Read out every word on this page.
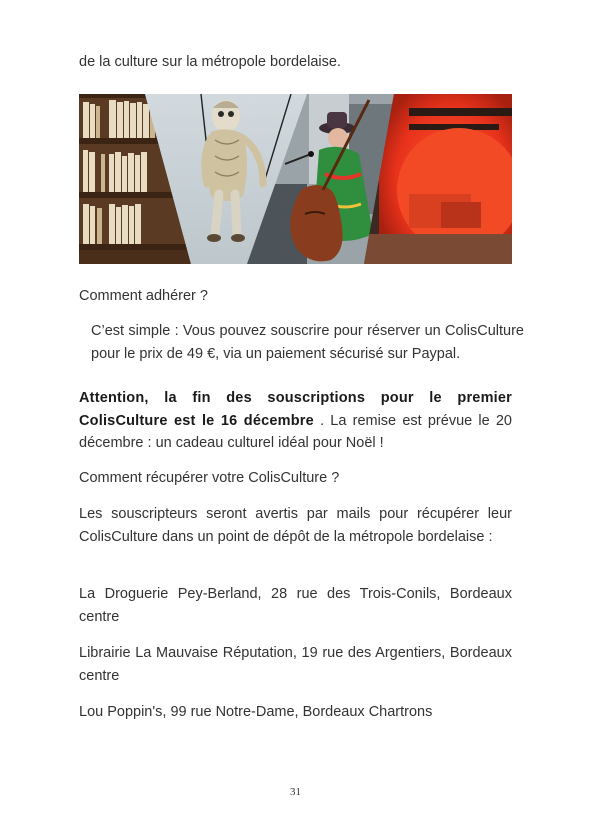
de la culture sur la métropole bordelaise.

Comment adhérer ?

C’est simple : Vous pouvez souscrire pour réserver un ColisCulture pour le prix de 49 €, via un paiement sécurisé sur Paypal.

Attention, la fin des souscriptions pour le premier ColisCulture est le 16 décembre . La remise est prévue le 20 décembre : un cadeau culturel idéal pour Noël !

Comment récupérer votre ColisCulture ?

Les souscripteurs seront avertis par mails pour récupérer leur ColisCulture dans un point de dépôt de la métropole bordelaise :

La Droguerie Pey-Berland, 28 rue des Trois-Conils, Bordeaux centre

Librairie La Mauvaise Réputation, 19 rue des Argentiers, Bordeaux centre

Lou Poppin's, 99 rue Notre-Dame, Bordeaux Chartrons

31
